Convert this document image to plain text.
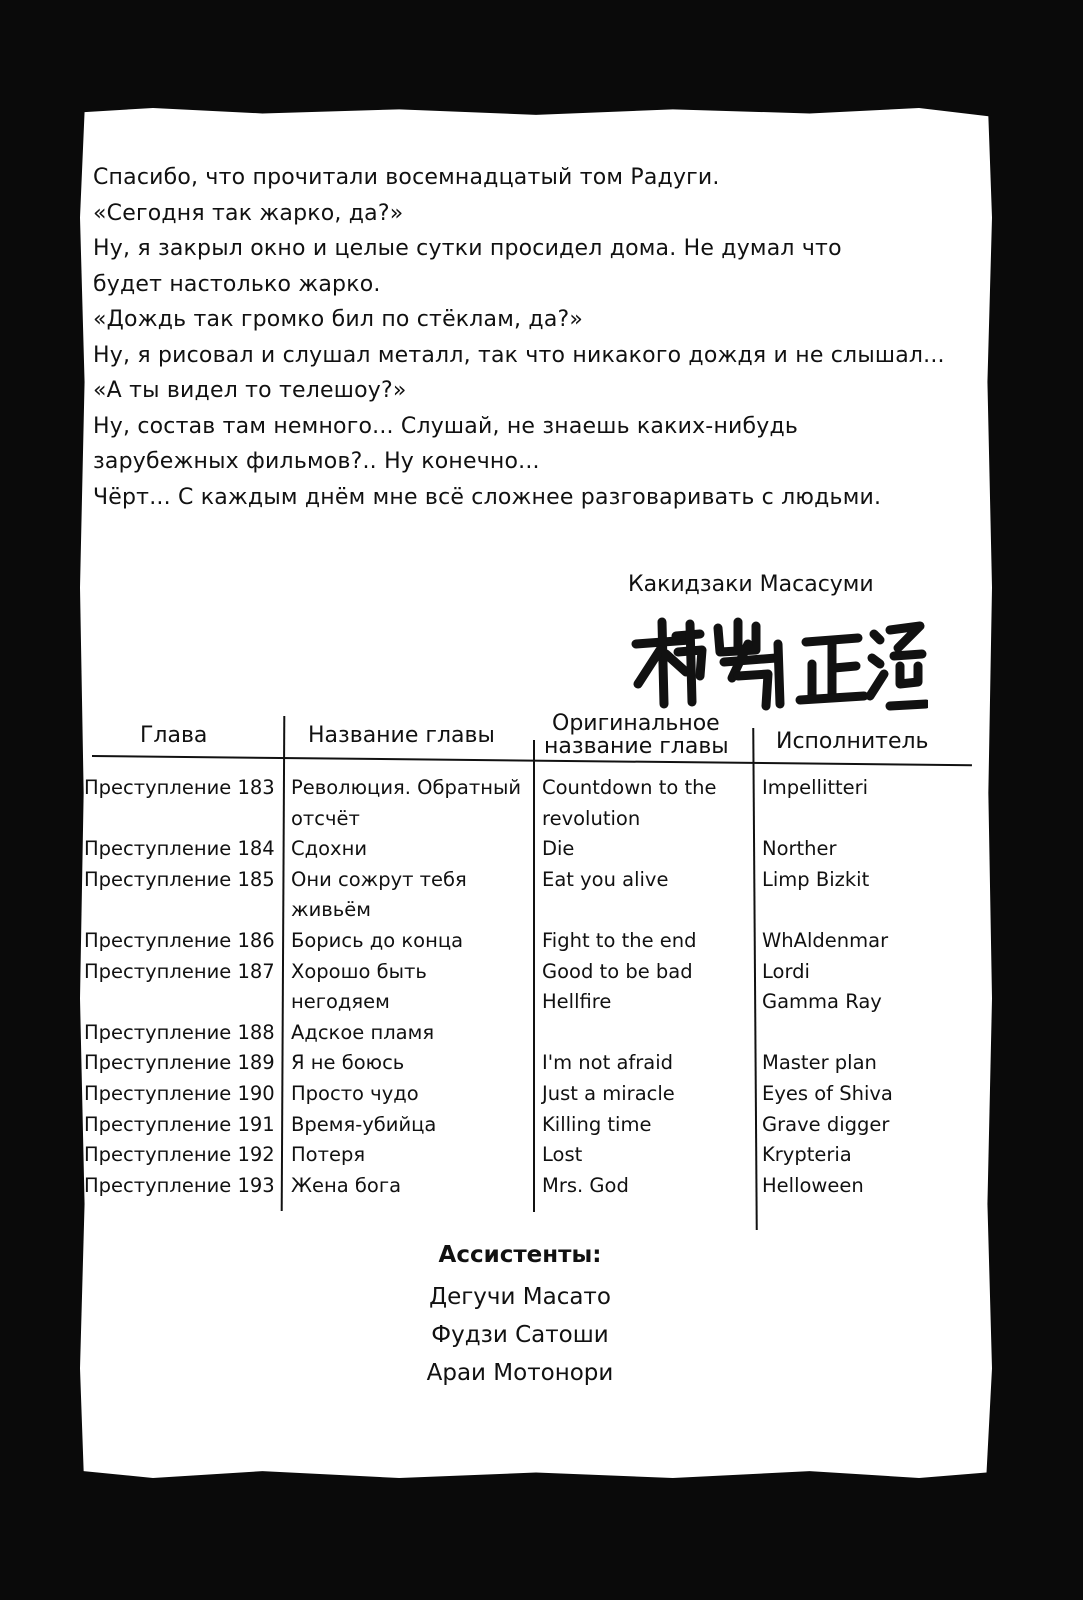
Спасибо, что прочитали восемнадцатый том Радуги.
«Сегодня так жарко, да?»
Ну, я закрыл окно и целые сутки просидел дома. Не думал что
будет настолько жарко.
«Дождь так громко бил по стёклам, да?»
Ну, я рисовал и слушал металл, так что никакого дождя и не слышал...
«А ты видел то телешоу?»
Ну, состав там немного... Слушай, не знаешь каких-нибудь
зарубежных фильмов?.. Ну конечно...
Чёрт... С каждым днём мне всё сложнее разговаривать с людьми.
Какидзаки Масасуми
Глава	Название главы	Оригинальное
название главы Исполнитель
Преступление 183
Преступление 184
Преступление 185
Преступление 186
Преступление 187
Преступление 188
Преступление 189
Преступление 190
Преступление 191
Преступление 192
Преступление 193
Революция. Обратный
отсчёт
Сдохни
Они сожрут тебя
живьём
Борись до конца
Хорошо быть
негодяем
Адское пламя
Я не боюсь
Просто чудо
Время-убийца
Потеря
Жена бога
Countdown to the
revolution
Die
Eat you alive
Fight to the end
Good to be bad
Hellfire
I'm not afraid
Just a miracle
Killing time
Lost
Mrs. God
Impellitteri
Norther
Limp Bizkit
WhAldenmar
Lordi
Gamma Ray
Master plan
Eyes of Shiva
Grave digger
Krypteria
Helloween
Ассистенты:
Дегучи Масато
Фудзи Сатоши
Араи Мотонори
